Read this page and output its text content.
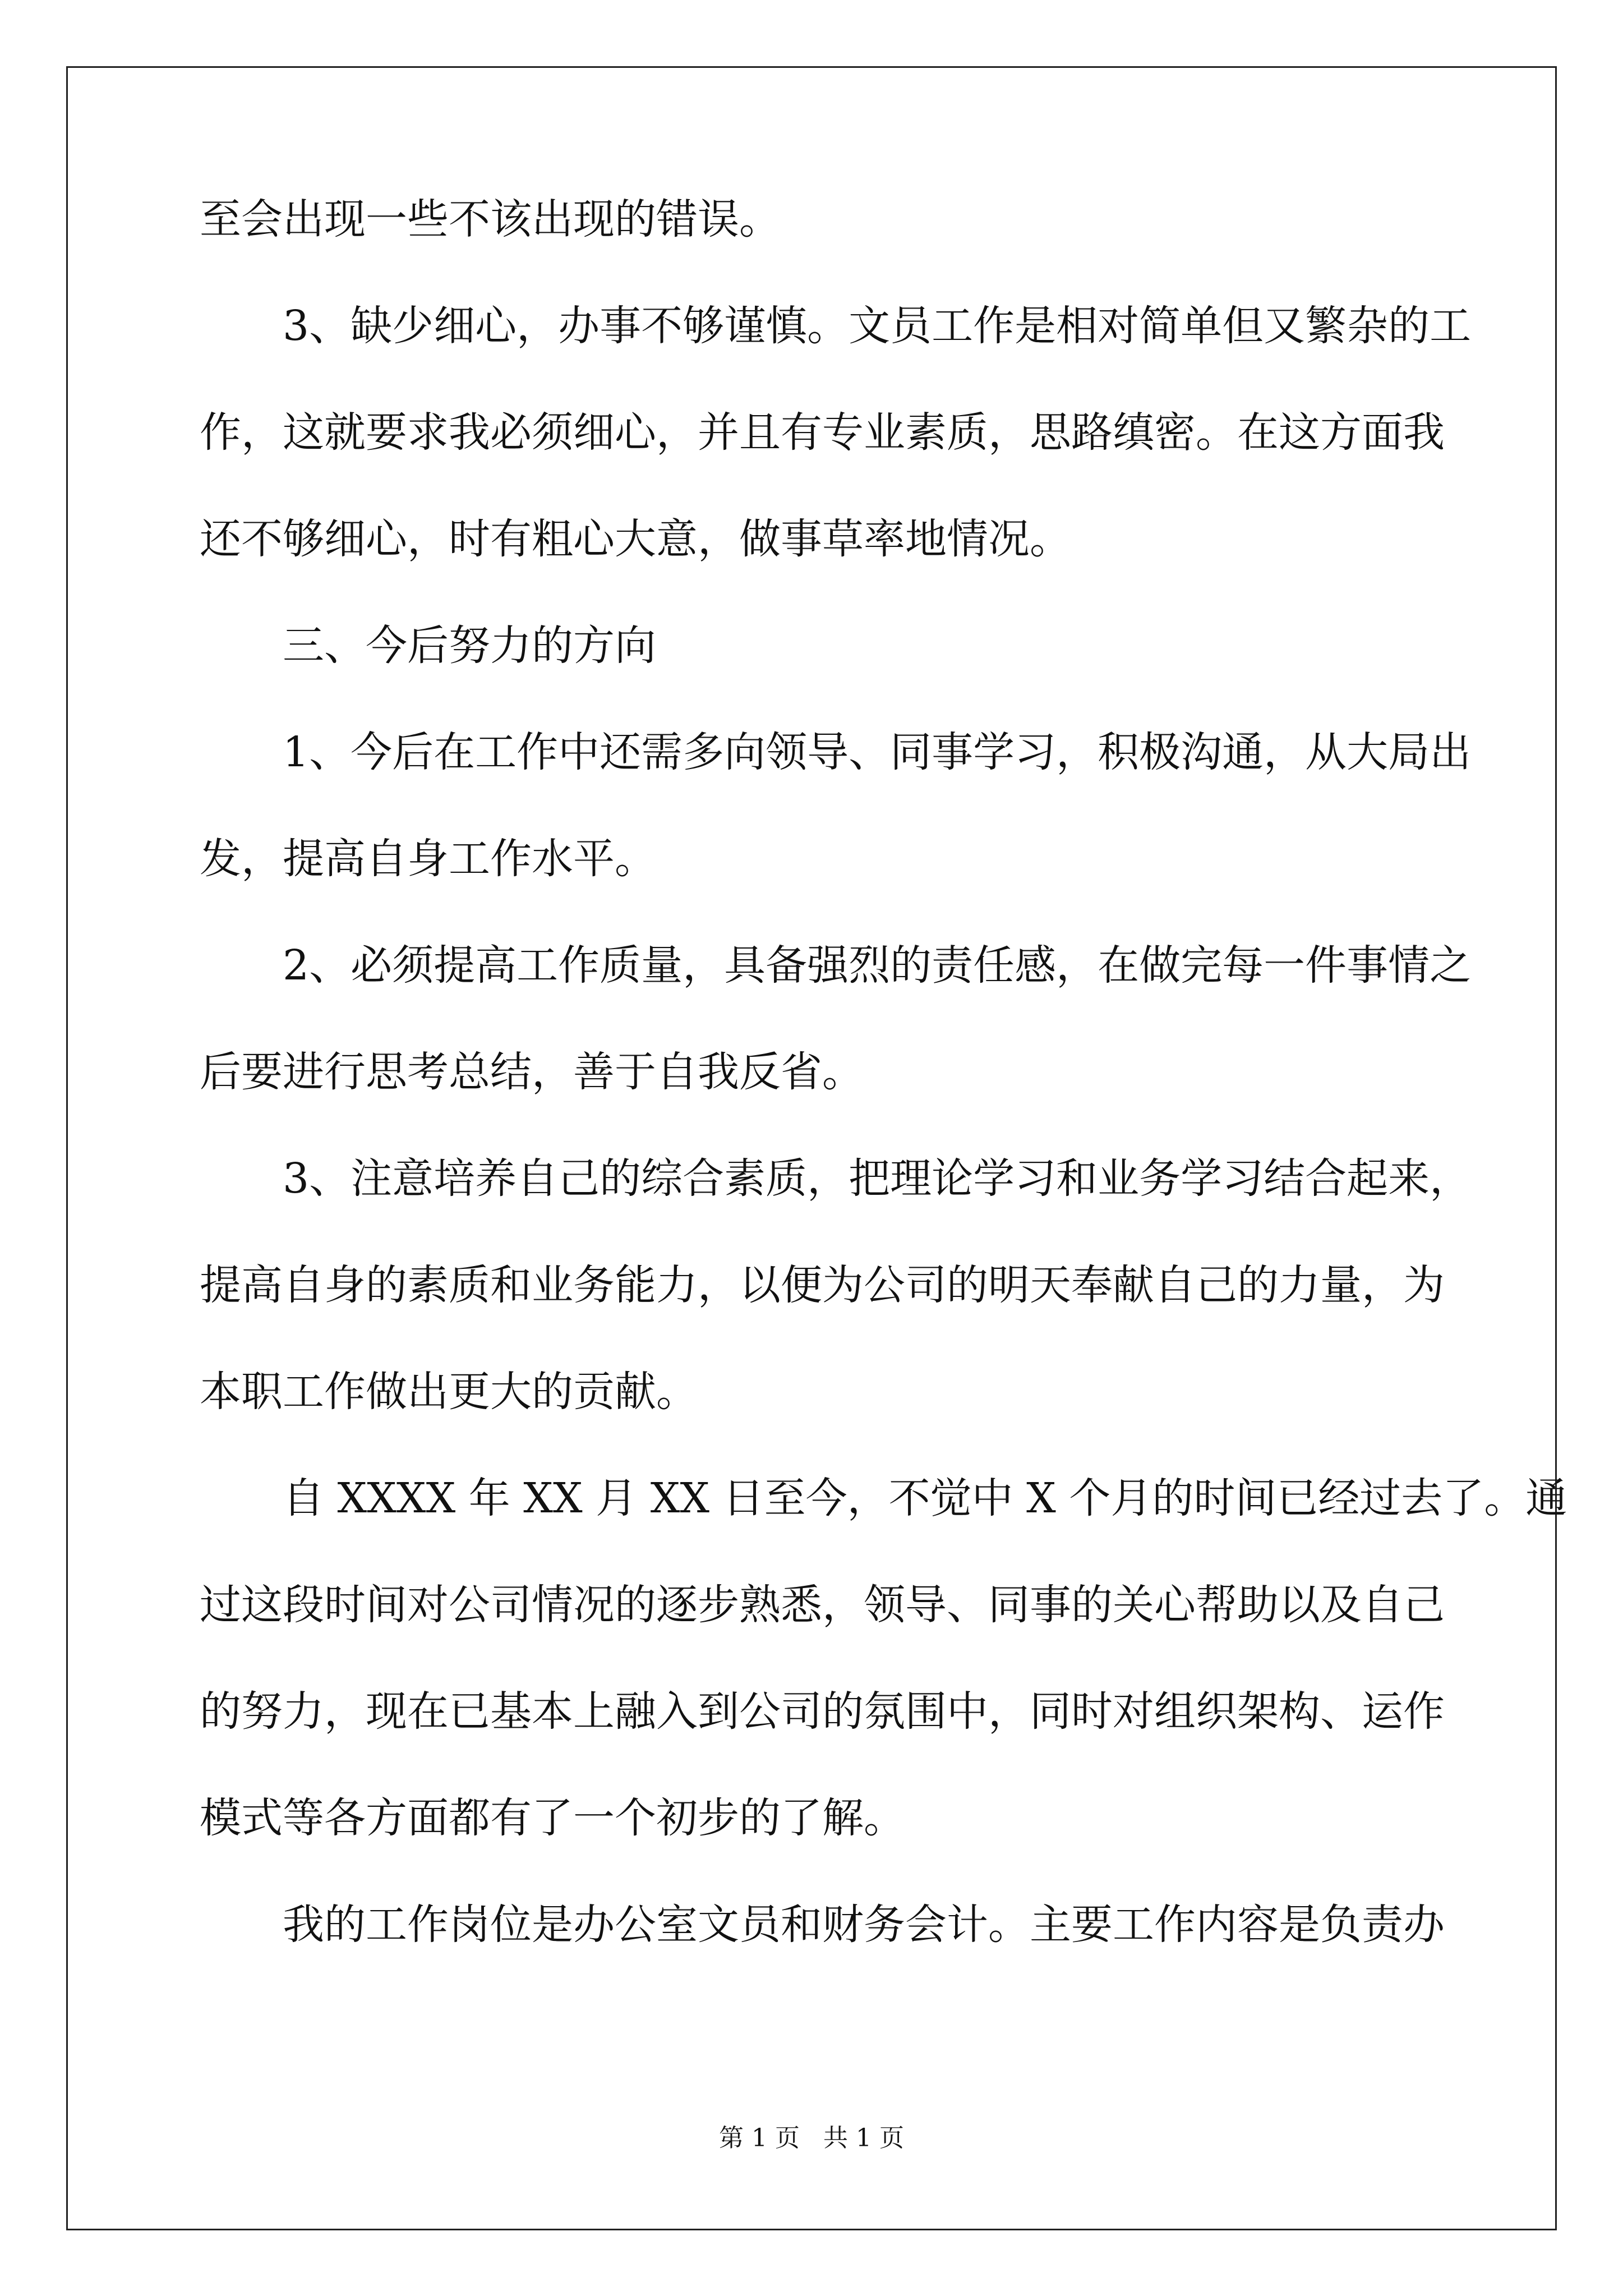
至会出现一些不该出现的错误。
3、缺少细心，办事不够谨慎。文员工作是相对简单但又繁杂的工
作，这就要求我必须细心，并且有专业素质，思路缜密。在这方面我
还不够细心，时有粗心大意，做事草率地情况。
三、今后努力的方向
1、今后在工作中还需多向领导、同事学习，积极沟通，从大局出
发，提高自身工作水平。
2、必须提高工作质量，具备强烈的责任感，在做完每一件事情之
后要进行思考总结，善于自我反省。
3、注意培养自己的综合素质，把理论学习和业务学习结合起来，
提高自身的素质和业务能力，以便为公司的明天奉献自己的力量，为
本职工作做出更大的贡献。
自 XXXX 年 XX 月 XX 日至今，不觉中 X 个月的时间已经过去了。通
过这段时间对公司情况的逐步熟悉，领导、同事的关心帮助以及自己
的努力，现在已基本上融入到公司的氛围中，同时对组织架构、运作
模式等各方面都有了一个初步的了解。
我的工作岗位是办公室文员和财务会计。主要工作内容是负责办
第 1 页   共 1 页
